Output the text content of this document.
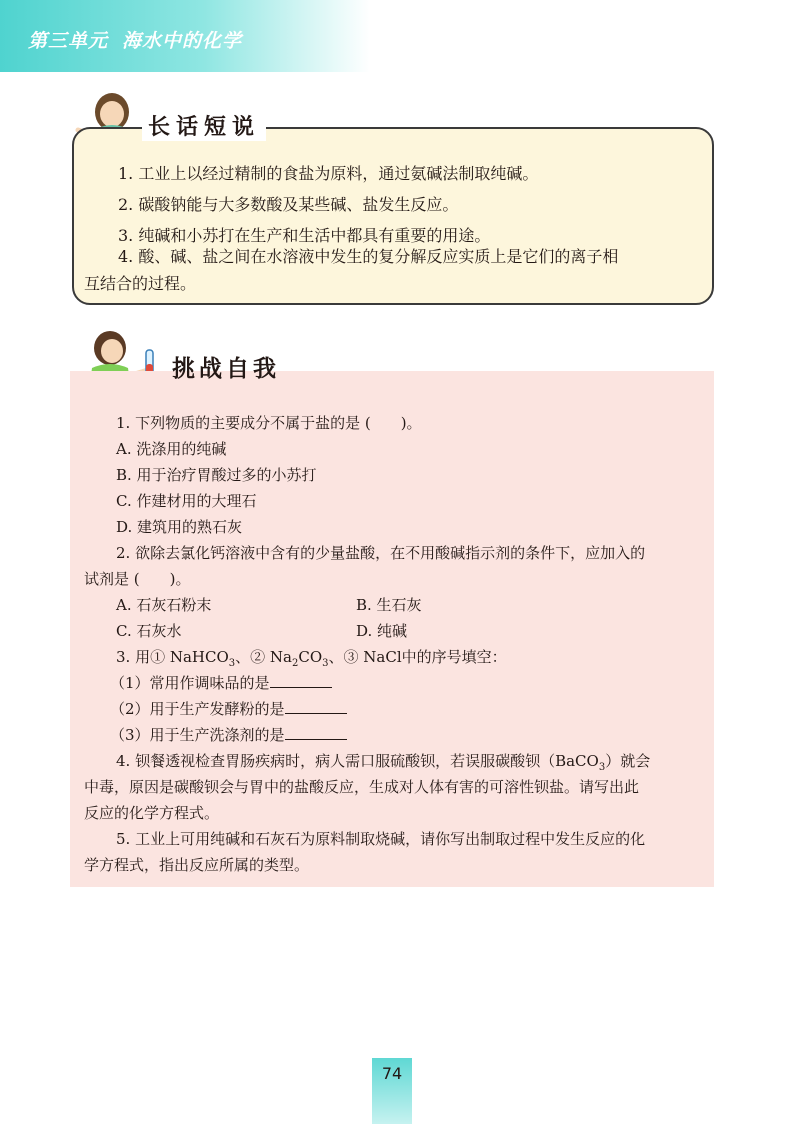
第三单元 海水中的化学

1. 工业上以经过精制的食盐为原料，通过氨碱法制取纯碱。

2. 碳酸钠能与大多数酸及某些碱、盐发生反应。

3. 纯碱和小苏打在生产和生活中都具有重要的用途。

4. 酸、碱、盐之间在水溶液中发生的复分解反应实质上是它们的离子相

互结合的过程。

长话短说
挑战自我

1. 下列物质的主要成分不属于盐的是 (　　)。

A. 洗涤用的纯碱

B. 用于治疗胃酸过多的小苏打

C. 作建材用的大理石

D. 建筑用的熟石灰

2. 欲除去氯化钙溶液中含有的少量盐酸，在不用酸碱指示剂的条件下，应加入的

试剂是 (　　)。

A. 石灰石粉末	B. 生石灰

C. 石灰水	D. 纯碱

3. 用① NaHCO$_3$、② $Na_2CO_3$、③ NaCl中的序号填空：

（1）常用作调味品的是

（2）用于生产发酵粉的是

（3）用于生产洗涤剂的是

4. 钡餐透视检查胃肠疾病时，病人需口服硫酸钡，若误服碳酸钡（BaCO$_3$）就会

中毒，原因是碳酸钡会与胃中的盐酸反应，生成对人体有害的可溶性钡盐。请写出此

反应的化学方程式。

5. 工业上可用纯碱和石灰石为原料制取烧碱，请你写出制取过程中发生反应的化

学方程式，指出反应所属的类型。

74
